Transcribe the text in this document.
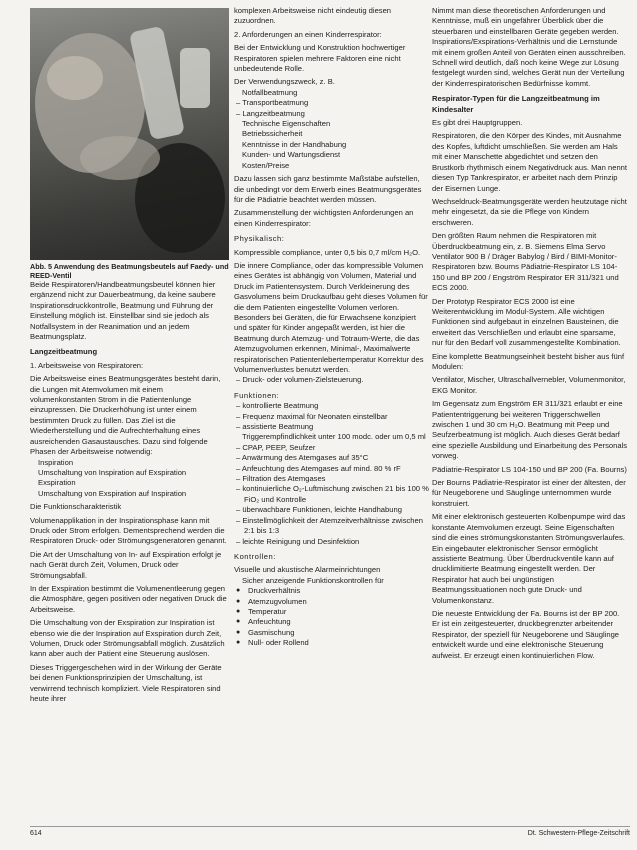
Abb. 5 Anwendung des Beatmungsbeutels auf Faedy- und REED-Ventil

Beide Respiratoren/Handbeatmungsbeutel können hier ergänzend nicht zur Dauerbeatmung, da keine saubere Inspirationsdruckkontrolle, Beatmung und Führung der Einstellung möglich ist. Einstellbar sind sie jedoch als Notfallsystem in der Reanimation und an jedem Beatmungsplatz.

Langzeitbeatmung

1. Arbeitsweise von Respiratoren:

Die Arbeitsweise eines Beatmungsgerätes besteht darin, die Lungen mit Atemvolumen mit einem volumenkonstanten Strom in die Patientenlunge einzupressen. Die Druckerhöhung ist unter einem bestimmten Druck zu füllen. Das Ziel ist die Wiederherstellung und die Aufrechterhaltung eines ausreichenden Gasaustausches. Dazu sind folgende Phasen der Arbeitsweise notwendig:

Inspiration

Umschaltung von Inspiration auf Exspiration

Exspiration

Umschaltung von Exspiration auf Inspiration

Die Funktionscharakteristik

Volumenapplikation in der Inspirationsphase kann mit Druck oder Strom erfolgen. Dementsprechend werden die Respiratoren Druck- oder Strömungsgeneratoren genannt.

Die Art der Umschaltung von In- auf Exspiration erfolgt je nach Gerät durch Zeit, Volumen, Druck oder Strömungsabfall.

In der Exspiration bestimmt die Volumenentleerung gegen die Atmosphäre, gegen positiven oder negativen Druck die Arbeitsweise.

Die Umschaltung von der Exspiration zur Inspiration ist ebenso wie die der Inspiration auf Exspiration durch Zeit, Volumen, Druck oder Strömungsabfall möglich. Zusätzlich kann aber auch der Patient eine Steuerung auslösen.

Dieses Triggergeschehen wird in der Wirkung der Geräte bei denen Funktionsprinzipien der Umschaltung, ist verwirrend technisch kompliziert. Viele Respiratoren sind heute ihrer

komplexen Arbeitsweise nicht eindeutig diesen zuzuordnen.

2. Anforderungen an einen Kinderrespirator:

Bei der Entwicklung und Konstruktion hochwertiger Respiratoren spielen mehrere Faktoren eine nicht unbedeutende Rolle.

Der Verwendungszweck, z. B.

Notfallbeatmung

– Transportbeatmung

– Langzeitbeatmung

Technische Eigenschaften

Betriebssicherheit

Kenntnisse in der Handhabung

Kunden- und Wartungsdienst

Kosten/Preise

Dazu lassen sich ganz bestimmte Maßstäbe aufstellen, die unbedingt vor dem Erwerb eines Beatmungsgerätes für die Pädiatrie beachtet werden müssen.

Zusammenstellung der wichtigsten Anforderungen an einen Kinderrespirator:

Physikalisch:

Kompressible compliance, unter 0,5 bis 0,7 ml/cm H₂O.

Die innere Compliance, oder das kompressible Volumen eines Gerätes ist abhängig von Volumen, Material und Druck im Patientensystem. Durch Verkleinerung des Gasvolumens beim Druckaufbau geht dieses Volumen für die dem Patienten eingestellte Volumen verloren. Besonders bei Geräten, die für Erwachsene konzipiert und später für Kinder angepaßt werden, ist hier die Beatmung durch Atemzug- und Totraum-Werte, die das Atemzugvolumen erkennen, Minimal-, Maximalwerte respiratorischen Patientenlebertemperatur Korrektur des Volumenverlustes benutzt werden.

– Druck- oder volumen-Zielsteuerung.

Funktionen:

– kontrollierte Beatmung

– Frequenz maximal für Neonaten einstellbar

– assistierte Beatmung

Triggerempfindlichkeit unter 100 modc. oder um 0,5 ml

– CPAP, PEEP, Seufzer

– Anwärmung des Atemgases auf 35°C

– Anfeuchtung des Atemgases auf mind. 80 % rF

– Filtration des Atemgases

– kontinuierliche O₂-Luftmischung zwischen 21 bis 100 % FiO₂ und Kontrolle

– überwachbare Funktionen, leichte Handhabung

– Einstellmöglichkeit der Atemzeitverhältnisse zwischen 2:1 bis 1:3

– leichte Reinigung und Desinfektion

Kontrollen:

Visuelle und akustische Alarmeinrichtungen

Sicher anzeigende Funktionskontrollen für

● Druckverhältnis

● Atemzugvolumen

● Temperatur

● Anfeuchtung

● Gasmischung

● Null- oder Rollend

Nimmt man diese theoretischen Anforderungen und Kenntnisse, muß ein ungefährer Überblick über die steuerbaren und einstellbaren Geräte gegeben werden. Inspirations/Exspirations-Verhältnis und die Lernstunde mit einem großen Anteil von Geräten einen ausschreiben. Schnell wird deutlich, daß noch keine Wege zur Lösung festgelegt wurden sind, welches Gerät nun der Verteilung der Kinderrespiratorischen Bedürfnisse kommt.

Respirator-Typen für die Langzeitbeatmung im Kindesalter

Es gibt drei Hauptgruppen.

Respiratoren, die den Körper des Kindes, mit Ausnahme des Kopfes, luftdicht umschließen. Sie werden am Hals mit einer Manschette abgedichtet und setzen den Brustkorb rhythmisch einem Negativdruck aus. Man nennt diesen Typ Tankrespirator, er arbeitet nach dem Prinzip der Eisernen Lunge.

Wechseldruck-Beatmungsgeräte werden heutzutage nicht mehr eingesetzt, da sie die Pflege von Kindern erschweren.

Den größten Raum nehmen die Respiratoren mit Überdruckbeatmung ein, z. B. Siemens Elma Servo Ventilator 900 B / Dräger Babylog / Bird / BIMI-Monitor-Respiratoren bzw. Bourns Pädiatrie-Respirator LS 104-150 und BP 200 / Engström Respirator ER 311/321 und ECS 2000.

Der Prototyp Respirator ECS 2000 ist eine Weiterentwicklung im Modul-System. Alle wichtigen Funktionen sind aufgebaut in einzelnen Bausteinen, die erweitert das Verschließen und erlaubt eine sparsame, nur für den Bedarf voll zusammengestellte Kombination.

Eine komplette Beatmungseinheit besteht bisher aus fünf Modulen:

Ventilator, Mischer, Ultraschallvernebler, Volumenmonitor, EKG Monitor.

Im Gegensatz zum Engström ER 311/321 erlaubt er eine Patiententriggerung bei weiteren Triggerschwellen zwischen 1 und 30 cm H₂O. Beatmung mit Peep und Seufzerbeatmung ist möglich. Auch dieses Gerät bedarf eine spezielle Ausbildung und Einarbeitung des Personals vorweg.

Pädiatrie-Respirator LS 104-150 und BP 200 (Fa. Bourns)

Der Bourns Pädiatrie-Respirator ist einer der ältesten, der für Neugeborene und Säuglinge unternommen wurde konstruiert.

Mit einer elektronisch gesteuerten Kolbenpumpe wird das konstante Atemvolumen erzeugt. Seine Eigenschaften sind die eines strömungskonstanten Strömungsverlaufes. Ein eingebauter elektronischer Sensor ermöglicht assistierte Beatmung. Über Überdruckventile kann auf drucklimitierte Beatmung eingestellt werden. Der Respirator hat auch bei ungünstigen Beatmungssituationen noch gute Druck- und Volumenkonstanz.

Die neueste Entwicklung der Fa. Bourns ist der BP 200. Er ist ein zeitgesteuerter, druckbegrenzter arbeitender Respirator, der speziell für Neugeborene und Säuglinge entwickelt wurde und eine elektronische Steuerung aufweist. Er erzeugt einen kontinuierlichen Flow.

614	Dt. Schwestern-Pflege-Zeitschrift
